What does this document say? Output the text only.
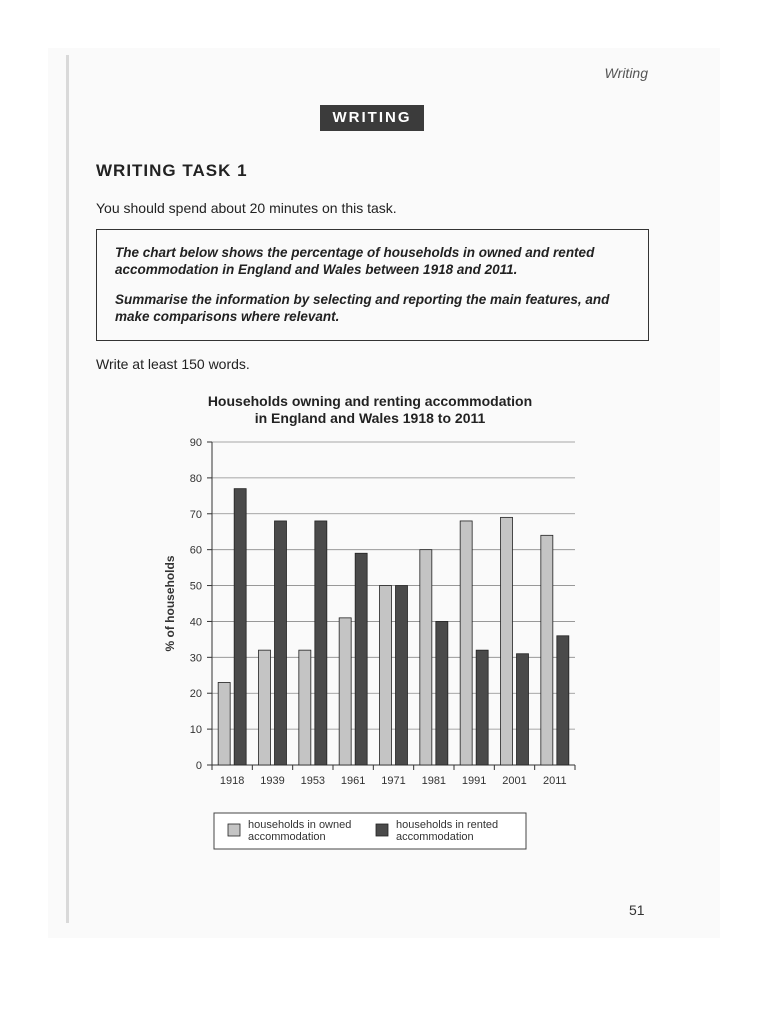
Writing
WRITING
WRITING TASK 1
You should spend about 20 minutes on this task.

The chart below shows the percentage of households in owned and rented accommodation in England and Wales between 1918 and 2011.

Summarise the information by selecting and reporting the main features, and make comparisons where relevant.

Write at least 150 words.
Households owning and renting accommodation
in England and Wales 1918 to 2011
0
10
20
30
40
50
60
70
80
90
% of households
1918 1939 1953 1961 1971 1981 1991 2001 2011
households in owned accommodation
households in rented accommodation
51
